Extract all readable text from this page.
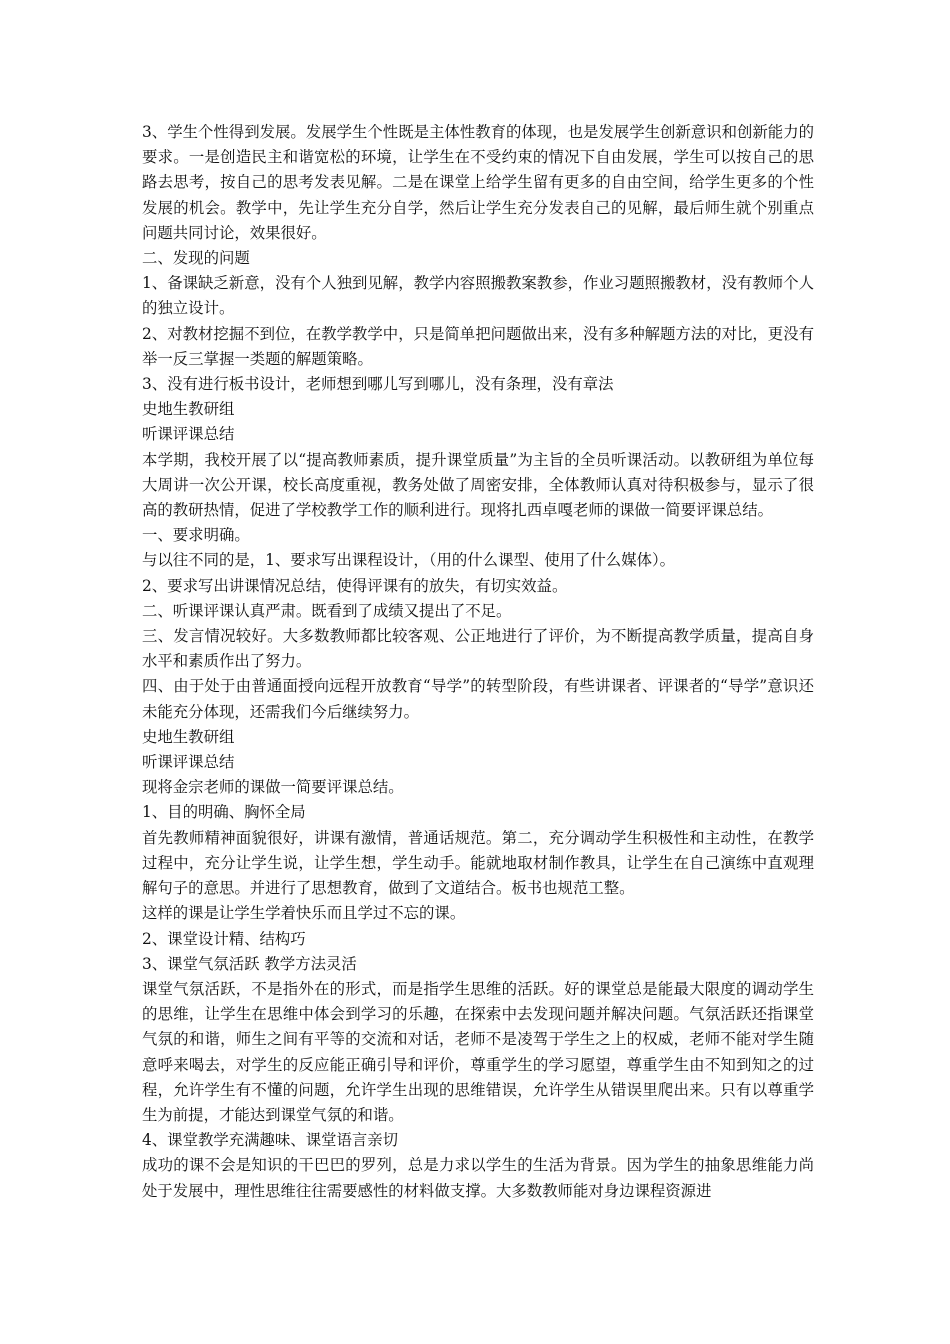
3、学生个性得到发展。发展学生个性既是主体性教育的体现，也是发展学生创新意识和创新能力的要求。一是创造民主和谐宽松的环境，让学生在不受约束的情况下自由发展，学生可以按自己的思路去思考，按自己的思考发表见解。二是在课堂上给学生留有更多的自由空间，给学生更多的个性发展的机会。教学中，先让学生充分自学，然后让学生充分发表自己的见解，最后师生就个别重点问题共同讨论，效果很好。

二、发现的问题

1、备课缺乏新意，没有个人独到见解，教学内容照搬教案教参，作业习题照搬教材，没有教师个人的独立设计。

2、对教材挖掘不到位，在教学教学中，只是简单把问题做出来，没有多种解题方法的对比，更没有举一反三掌握一类题的解题策略。

3、没有进行板书设计，老师想到哪儿写到哪儿，没有条理，没有章法

史地生教研组

听课评课总结

本学期，我校开展了以“提高教师素质，提升课堂质量”为主旨的全员听课活动。以教研组为单位每大周讲一次公开课，校长高度重视，教务处做了周密安排，全体教师认真对待积极参与，显示了很高的教研热情，促进了学校教学工作的顺利进行。现将扎西卓嘎老师的课做一简要评课总结。

一、要求明确。

与以往不同的是，1、要求写出课程设计，（用的什么课型、使用了什么媒体）。

2、要求写出讲课情况总结，使得评课有的放失，有切实效益。

二、听课评课认真严肃。既看到了成绩又提出了不足。

三、发言情况较好。大多数教师都比较客观、公正地进行了评价，为不断提高教学质量，提高自身水平和素质作出了努力。

四、由于处于由普通面授向远程开放教育“导学”的转型阶段，有些讲课者、评课者的“导学”意识还未能充分体现，还需我们今后继续努力。

史地生教研组

听课评课总结

现将金宗老师的课做一简要评课总结。

1、目的明确、胸怀全局

首先教师精神面貌很好，讲课有激情，普通话规范。第二，充分调动学生积极性和主动性，在教学过程中，充分让学生说，让学生想，学生动手。能就地取材制作教具，让学生在自己演练中直观理解句子的意思。并进行了思想教育，做到了文道结合。板书也规范工整。

这样的课是让学生学着快乐而且学过不忘的课。

2、课堂设计精、结构巧

3、课堂气氛活跃 教学方法灵活

课堂气氛活跃，不是指外在的形式，而是指学生思维的活跃。好的课堂总是能最大限度的调动学生的思维，让学生在思维中体会到学习的乐趣，在探索中去发现问题并解决问题。气氛活跃还指课堂气氛的和谐，师生之间有平等的交流和对话，老师不是凌驾于学生之上的权威，老师不能对学生随意呼来喝去，对学生的反应能正确引导和评价，尊重学生的学习愿望，尊重学生由不知到知之的过程，允许学生有不懂的问题，允许学生出现的思维错误，允许学生从错误里爬出来。只有以尊重学生为前提，才能达到课堂气氛的和谐。

4、课堂教学充满趣味、课堂语言亲切

成功的课不会是知识的干巴巴的罗列，总是力求以学生的生活为背景。因为学生的抽象思维能力尚处于发展中，理性思维往往需要感性的材料做支撑。大多数教师能对身边课程资源进
